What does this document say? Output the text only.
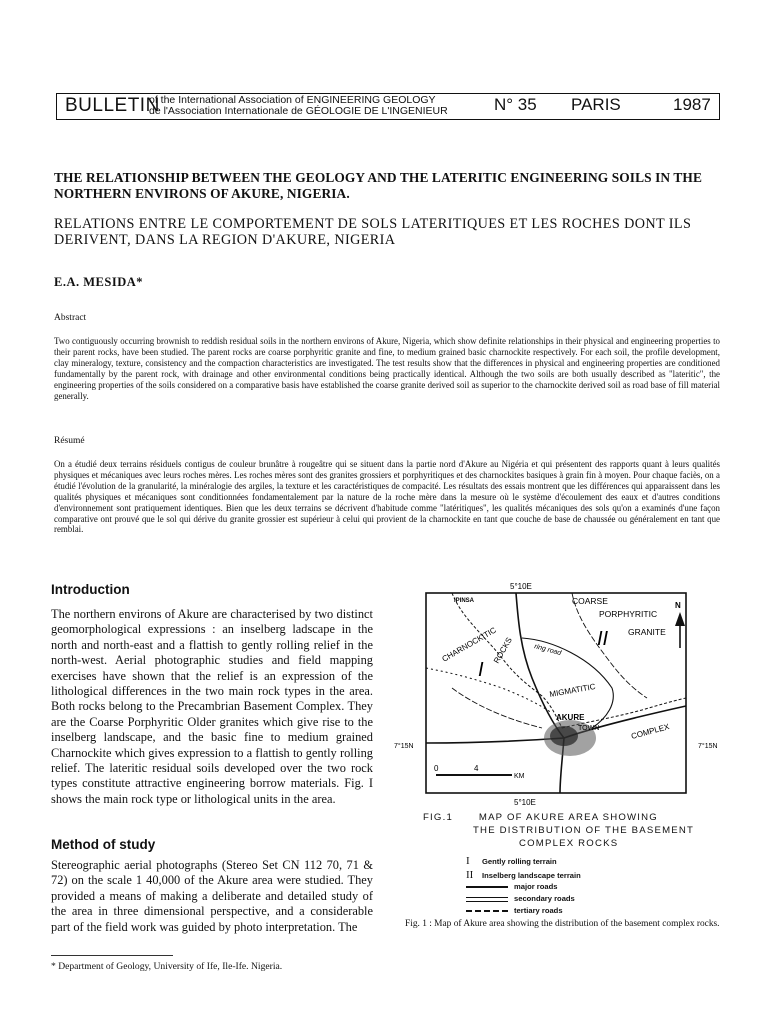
BULLETIN
of the International Association of ENGINEERING GEOLOGY
de l'Association Internationale de GÉOLOGIE DE L'INGENIEUR	N° 35 PARIS	1987
THE RELATIONSHIP BETWEEN THE GEOLOGY AND THE LATERITIC ENGINEERING SOILS IN THE NORTHERN ENVIRONS OF AKURE, NIGERIA.
RELATIONS ENTRE LE COMPORTEMENT DE SOLS LATERITIQUES ET LES ROCHES DONT ILS DERIVENT, DANS LA REGION D'AKURE, NIGERIA
E.A. MESIDA*
Abstract
Two contiguously occurring brownish to reddish residual soils in the northern environs of Akure, Nigeria, which show definite relationships in their physical and engineering properties to their parent rocks, have been studied. The parent rocks are coarse porphyritic granite and fine, to medium grained basic charnockite respectively. For each soil, the profile development, clay mineralogy, texture, consistency and the compaction characteristics are investigated. The test results show that the differences in physical and engineering properties are conditioned fundamentally by the parent rock, with drainage and other environmental conditions being practically identical. Although the two soils are both usually described as "lateritic", the engineering properties of the soils considered on a comparative basis have established the coarse granite derived soil as superior to the charnockite derived soil as road base of fill material generally.
Résumé
On a étudié deux terrains résiduels contigus de couleur brunâtre à rougeâtre qui se situent dans la partie nord d'Akure au Nigéria et qui présentent des rapports quant à leurs qualités physiques et mécaniques avec leurs roches mères. Les roches mères sont des granites grossiers et porphyritiques et des charnockites basiques à grain fin à moyen. Pour chaque faciès, on a étudié l'évolution de la granularité, la minéralogie des argiles, la texture et les caractéristiques de compacité. Les résultats des essais montrent que les différences qui apparaissent dans les qualités physiques et mécaniques sont conditionnées fondamentalement par la nature de la roche mère dans la mesure où le système d'écoulement des eaux et d'autres conditions d'environnement sont pratiquement identiques. Bien que les deux terrains se décrivent d'habitude comme "latéritiques", les qualités mécaniques des sols qu'on a examinés d'une façon comparative ont prouvé que le sol qui dérive du granite grossier est supérieur à celui qui provient de la charnockite en tant que couche de base de chaussée ou généralement en tant que remblai.
Introduction
The northern environs of Akure are characterised by two distinct geomorphological expressions : an inselberg ladscape in the north and north-east and a flattish to gently rolling relief in the north-west. Aerial photographic studies and field mapping exercises have shown that the relief is an expression of the lithological differences in the two main rock types in the area. Both rocks belong to the Precambrian Basement Complex. They are the Coarse Porphyritic Older granites which give rise to the inselberg landscape, and the basic fine to medium grained Charnockite which gives expression to a flattish to gently rolling relief. The lateritic residual soils developed over the two rock types constitute attractive engineering borrow materials. Fig. I shows the main rock type or lithological units in the area.
Method of study
Stereographic aerial photographs (Stereo Set CN 112 70, 71 & 72) on the scale 1 40,000 of the Akure area were studied. They provided a means of making a deliberate and detailed study of the area in three dimensional perspective, and a considerable part of the field work was guided by photo interpretation. The
* Department of Geology, University of Ife, Ile-Ife. Nigeria.
0	4
KM
5°10E
5°10E
7°15N	7°15N
IPINSA	N
COARSE
PORPHYRITIC
GRANITE
II
I
CHARNOCKITIC
ROCKS	ring road
MIGMATITIC
AKURE
TOWN	COMPLEX
FIG.1	MAP OF AKURE AREA SHOWING
THE DISTRIBUTION OF THE BASEMENT
COMPLEX ROCKS
I Gently rolling terrain
II Inselberg landscape terrain
major roads
secondary roads
tertiary roads
Fig. 1 : Map of Akure area showing the distribution of the basement complex rocks.
